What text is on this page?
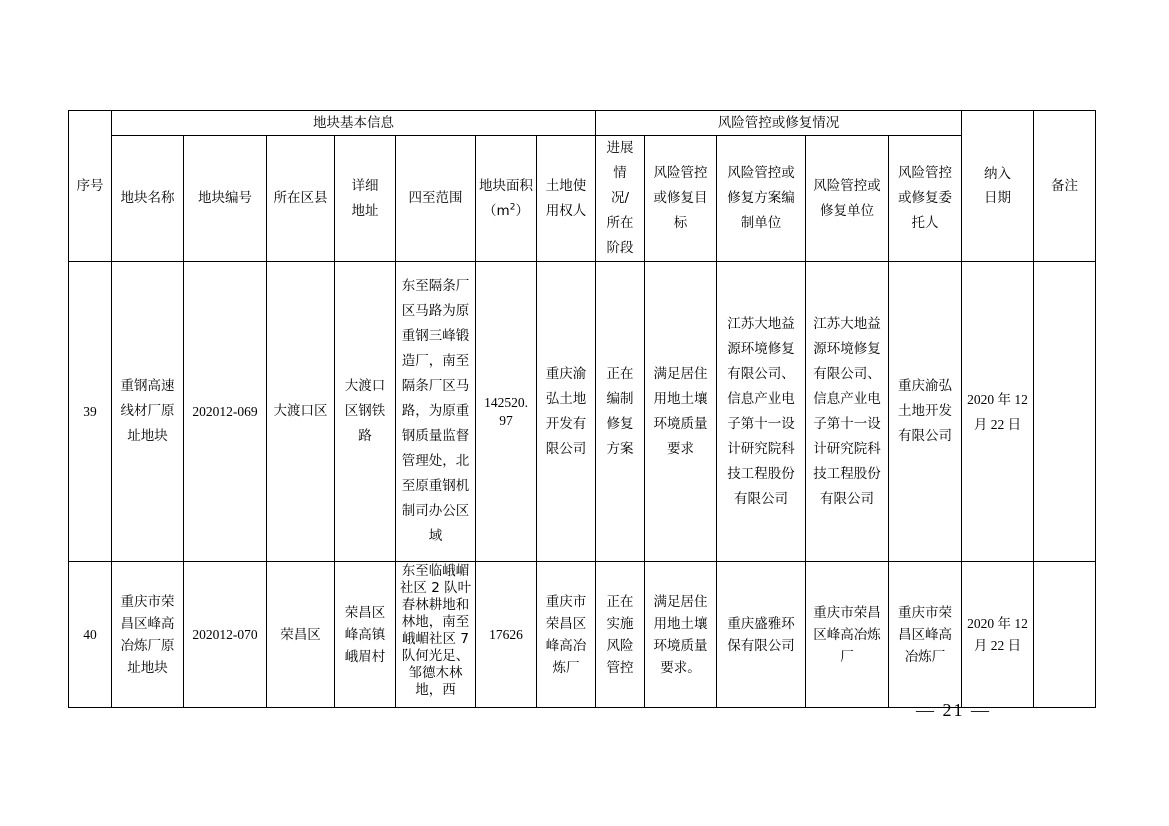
序号	地块基本信息							风险管控或修复情况					纳入日期	备注
	地块名称	地块编号	所在区县	详细地址	四至范围	地块面积$(m^2)$	土地使用权人	进展情况/所在阶段	风险管控或修复目标	风险管控或修复方案编制单位	风险管控或修复单位	风险管控或修复委托人		

39	重钢高速线材厂原址地块	202012-069	大渡口区	大渡口区钢铁路	东至隔条厂区马路为原重钢三峰锻造厂，南至隔条厂区马路，为原重钢质量监督管理处，北至原重钢机制司办公区域	142520.97	重庆渝弘土地开发有限公司	正在编制修复方案	满足居住用地土壤环境质量要求	江苏大地益源环境修复有限公司、信息产业电子第十一设计研究院科技工程股份有限公司	江苏大地益源环境修复有限公司、信息产业电子第十一设计研究院科技工程股份有限公司	重庆渝弘土地开发有限公司	2020 年 12 月 22 日	
40	重庆市荣昌区峰高冶炼厂原址地块	202012-070	荣昌区	荣昌区峰高镇峨眉村	东至临峨嵋社区 2 队叶春林耕地和林地，南至峨嵋社区 7 队何光足、邹德木林地，西	17626	重庆市荣昌区峰高冶炼厂	正在实施风险管控	满足居住用地土壤环境质量要求。	重庆盛雅环保有限公司	重庆市荣昌区峰高冶炼厂	重庆市荣昌区峰高冶炼厂	2020 年 12 月 22 日	
— 21 —
